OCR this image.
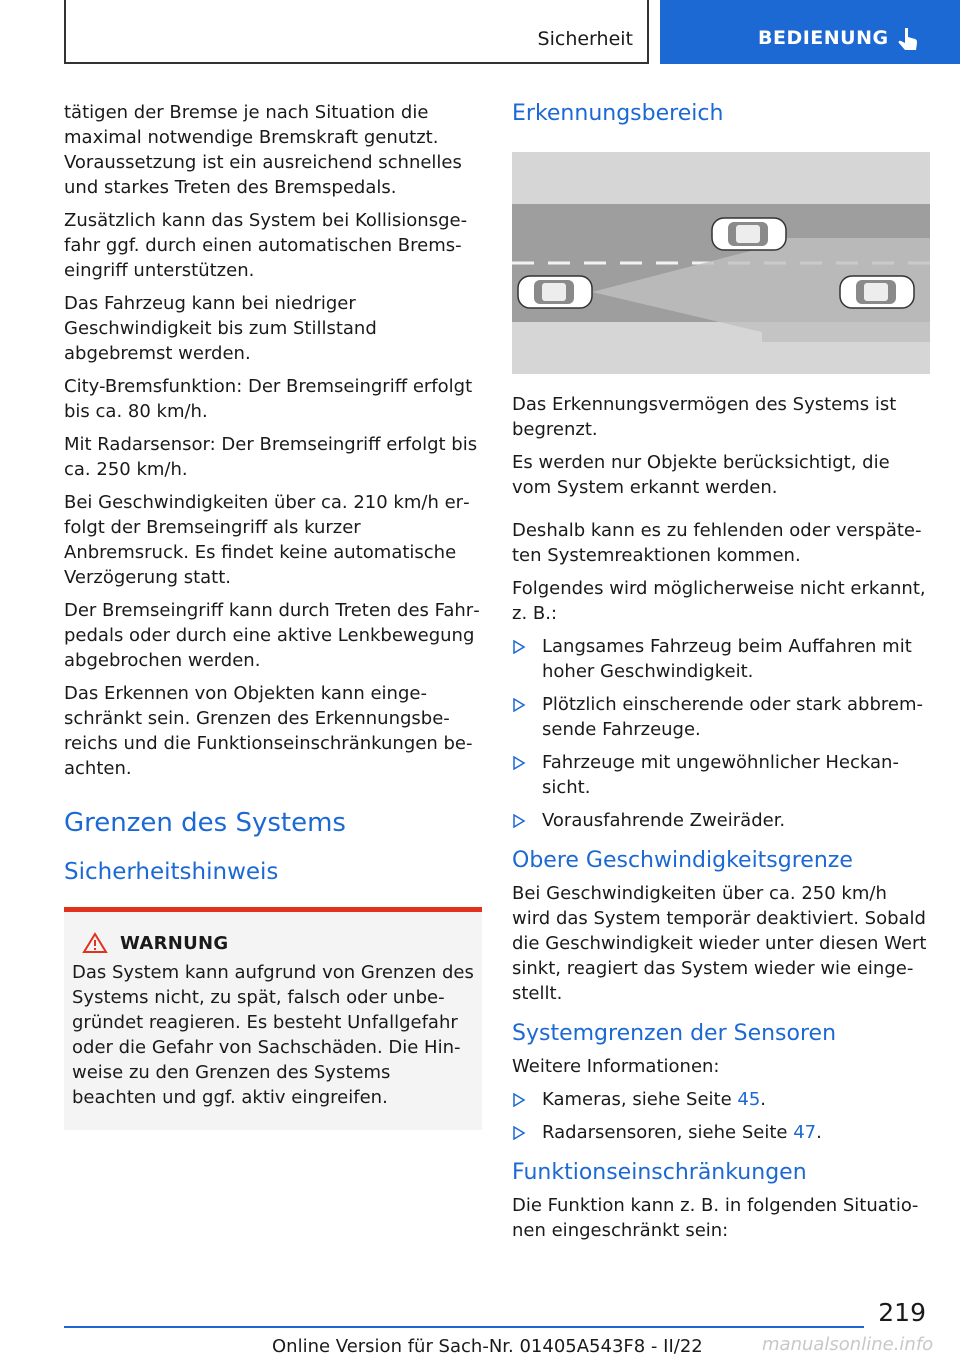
Sicherheit	BEDIENUNG

tätigen der Bremse je nach Situation die maximal notwendige Bremskraft genutzt. Voraussetzung ist ein ausreichend schnelles und starkes Treten des Bremspedals.

Zusätzlich kann das System bei Kollisionsgefahr ggf. durch einen automatischen Bremseingriff unterstützen.

Das Fahrzeug kann bei niedriger Geschwindigkeit bis zum Stillstand abgebremst werden.

City-Bremsfunktion: Der Bremseingriff erfolgt bis ca. 80 km/h.

Mit Radarsensor: Der Bremseingriff erfolgt bis ca. 250 km/h.

Bei Geschwindigkeiten über ca. 210 km/h erfolgt der Bremseingriff als kurzer Anbremsruck. Es findet keine automatische Verzögerung statt.

Der Bremseingriff kann durch Treten des Fahrpedals oder durch eine aktive Lenkbewegung abgebrochen werden.

Das Erkennen von Objekten kann eingeschränkt sein. Grenzen des Erkennungsbereichs und die Funktionseinschränkungen beachten.

Grenzen des Systems
Sicherheitshinweis
WARNUNG

Das System kann aufgrund von Grenzen des Systems nicht, zu spät, falsch oder unbegründet reagieren. Es besteht Unfallgefahr oder die Gefahr von Sachschäden. Die Hinweise zu den Grenzen des Systems beachten und ggf. aktiv eingreifen.

Erkennungsbereich

Das Erkennungsvermögen des Systems ist begrenzt.

Es werden nur Objekte berücksichtigt, die vom System erkannt werden.

Deshalb kann es zu fehlenden oder verspäteten Systemreaktionen kommen.

Folgendes wird möglicherweise nicht erkannt, z. B.:

Langsames Fahrzeug beim Auffahren mit hoher Geschwindigkeit.
Plötzlich einscherende oder stark abbremsende Fahrzeuge.
Fahrzeuge mit ungewöhnlicher Heckansicht.
Vorausfahrende Zweiräder.
Obere Geschwindigkeitsgrenze

Bei Geschwindigkeiten über ca. 250 km/h wird das System temporär deaktiviert. Sobald die Geschwindigkeit wieder unter diesen Wert sinkt, reagiert das System wieder wie eingestellt.

Systemgrenzen der Sensoren

Weitere Informationen:

Kameras, siehe Seite 45.
Radarsensoren, siehe Seite 47.
Funktionseinschränkungen

Die Funktion kann z. B. in folgenden Situationen eingeschränkt sein:

219
Online Version für Sach-Nr. 01405A543F8 - II/22	manualsonline.info
